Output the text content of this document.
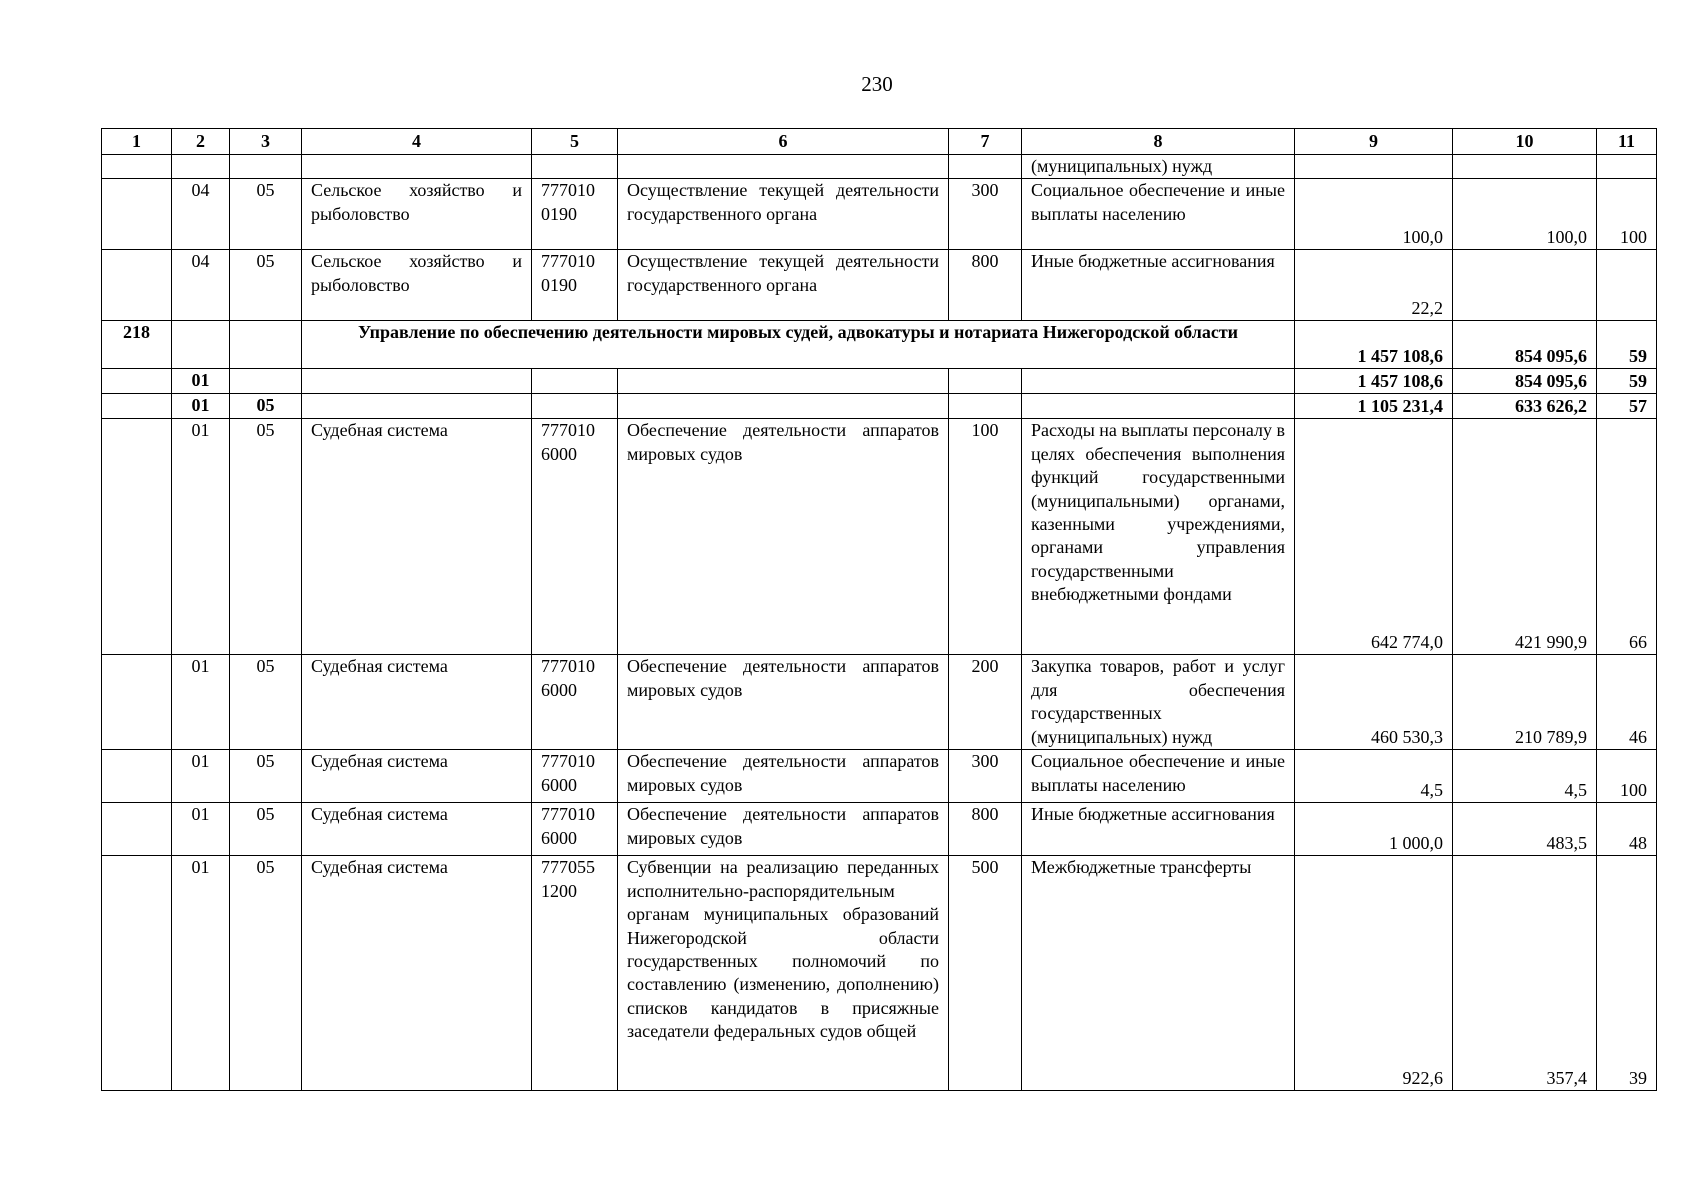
230
1	2	3	4	5	6	7	8	9	10	11
							(муниципальных) нужд			
	04	05	Сельское хозяйство и рыболовство	777010 0190	Осуществление текущей деятельности государственного органа	300	Социальное обеспечение и иные выплаты населению	100,0	100,0	100
	04	05	Сельское хозяйство и рыболовство	777010 0190	Осуществление текущей деятельности государственного органа	800	Иные бюджетные ассигнования	22,2		
218			Управление по обеспечению деятельности мировых судей, адвокатуры и нотариата Нижегородской области					1 457 108,6	854 095,6	59
	01							1 457 108,6	854 095,6	59
	01	05						1 105 231,4	633 626,2	57
	01	05	Судебная система	777010 6000	Обеспечение деятельности аппаратов мировых судов	100	Расходы на выплаты персоналу в целях обеспечения выполнения функций государственными (муниципальными) органами, казенными учреждениями, органами управления государственными внебюджетными фондами	642 774,0	421 990,9	66
	01	05	Судебная система	777010 6000	Обеспечение деятельности аппаратов мировых судов	200	Закупка товаров, работ и услуг для обеспечения государственных (муниципальных) нужд	460 530,3	210 789,9	46
	01	05	Судебная система	777010 6000	Обеспечение деятельности аппаратов мировых судов	300	Социальное обеспечение и иные выплаты населению	4,5	4,5	100
	01	05	Судебная система	777010 6000	Обеспечение деятельности аппаратов мировых судов	800	Иные бюджетные ассигнования	1 000,0	483,5	48
	01	05	Судебная система	777055 1200	Субвенции на реализацию переданных исполнительно-распорядительным органам муниципальных образований Нижегородской области государственных полномочий по составлению (изменению, дополнению) списков кандидатов в присяжные заседатели федеральных судов общей	500	Межбюджетные трансферты	922,6	357,4	39
